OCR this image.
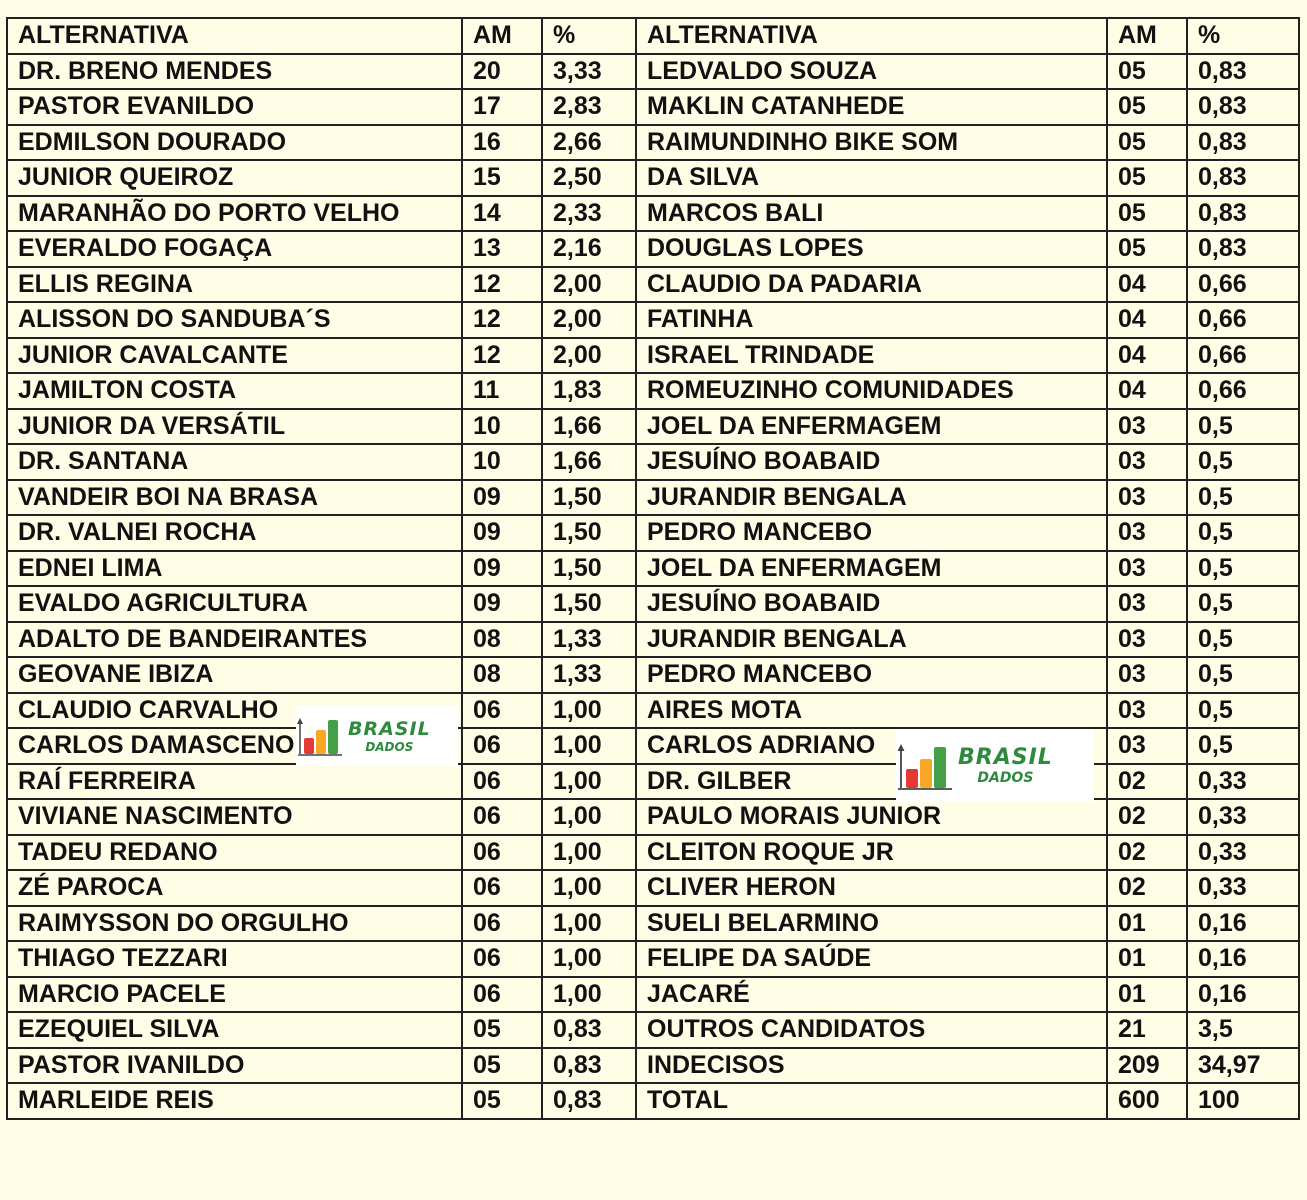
ALTERNATIVA	AM	%	ALTERNATIVA	AM	%
DR. BRENO MENDES	20	3,33	LEDVALDO SOUZA	05	0,83
PASTOR EVANILDO	17	2,83	MAKLIN CATANHEDE	05	0,83
EDMILSON DOURADO	16	2,66	RAIMUNDINHO BIKE SOM	05	0,83
JUNIOR QUEIROZ	15	2,50	DA SILVA	05	0,83
MARANHÃO DO PORTO VELHO	14	2,33	MARCOS BALI	05	0,83
EVERALDO FOGAÇA	13	2,16	DOUGLAS LOPES	05	0,83
ELLIS REGINA	12	2,00	CLAUDIO DA PADARIA	04	0,66
ALISSON DO SANDUBA´S	12	2,00	FATINHA	04	0,66
JUNIOR CAVALCANTE	12	2,00	ISRAEL TRINDADE	04	0,66
JAMILTON COSTA	11	1,83	ROMEUZINHO COMUNIDADES	04	0,66
JUNIOR DA VERSÁTIL	10	1,66	JOEL DA ENFERMAGEM	03	0,5
DR. SANTANA	10	1,66	JESUÍNO BOABAID	03	0,5
VANDEIR BOI NA BRASA	09	1,50	JURANDIR BENGALA	03	0,5
DR. VALNEI ROCHA	09	1,50	PEDRO MANCEBO	03	0,5
EDNEI LIMA	09	1,50	JOEL DA ENFERMAGEM	03	0,5
EVALDO AGRICULTURA	09	1,50	JESUÍNO BOABAID	03	0,5
ADALTO DE BANDEIRANTES	08	1,33	JURANDIR BENGALA	03	0,5
GEOVANE IBIZA	08	1,33	PEDRO MANCEBO	03	0,5
CLAUDIO CARVALHO	06	1,00	AIRES MOTA	03	0,5
CARLOS DAMASCENO	06	1,00	CARLOS ADRIANO	03	0,5
RAÍ FERREIRA	06	1,00	DR. GILBER	02	0,33
VIVIANE NASCIMENTO	06	1,00	PAULO MORAIS JUNIOR	02	0,33
TADEU REDANO	06	1,00	CLEITON ROQUE JR	02	0,33
ZÉ PAROCA	06	1,00	CLIVER HERON	02	0,33
RAIMYSSON DO ORGULHO	06	1,00	SUELI BELARMINO	01	0,16
THIAGO TEZZARI	06	1,00	FELIPE DA SAÚDE	01	0,16
MARCIO PACELE	06	1,00	JACARÉ	01	0,16
EZEQUIEL SILVA	05	0,83	OUTROS CANDIDATOS	21	3,5
PASTOR IVANILDO	05	0,83	INDECISOS	209	34,97
MARLEIDE REIS	05	0,83	TOTAL	600	100
BRASIL
DADOS	BRASIL
DADOS
